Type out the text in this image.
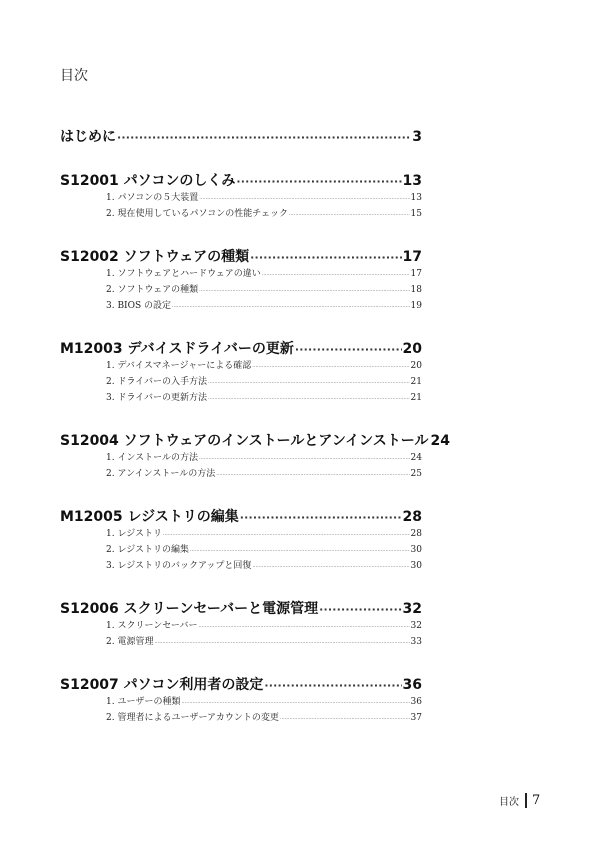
目次
はじめに ·····	3
S12001 パソコンのしくみ ·····	13
1. パソコンの５大装置 ·····	13
2. 現在使用しているパソコンの性能チェック ·····	15
S12002 ソフトウェアの種類 ·····	17
1. ソフトウェアとハードウェアの違い ·····	17
2. ソフトウェアの種類 ·····	18
3. BIOS の設定 ·····	19
M12003 デバイスドライバーの更新 ·····	20
1. デバイスマネージャーによる確認 ·····	20
2. ドライバーの入手方法 ·····	21
3. ドライバーの更新方法 ·····	21
S12004 ソフトウェアのインストールとアンインストール 24
1. インストールの方法 ·····	24
2. アンインストールの方法 ·····	25
M12005 レジストリの編集 ·····	28
1. レジストリ ·····	28
2. レジストリの編集 ·····	30
3. レジストリのバックアップと回復 ·····	30
S12006 スクリーンセーバーと電源管理 ·····	32
1. スクリーンセーバー ·····	32
2. 電源管理 ·····	33
S12007 パソコン利用者の設定 ·····	36
1. ユーザーの種類 ·····	36
2. 管理者によるユーザーアカウントの変更 ·····	37
目次 7
